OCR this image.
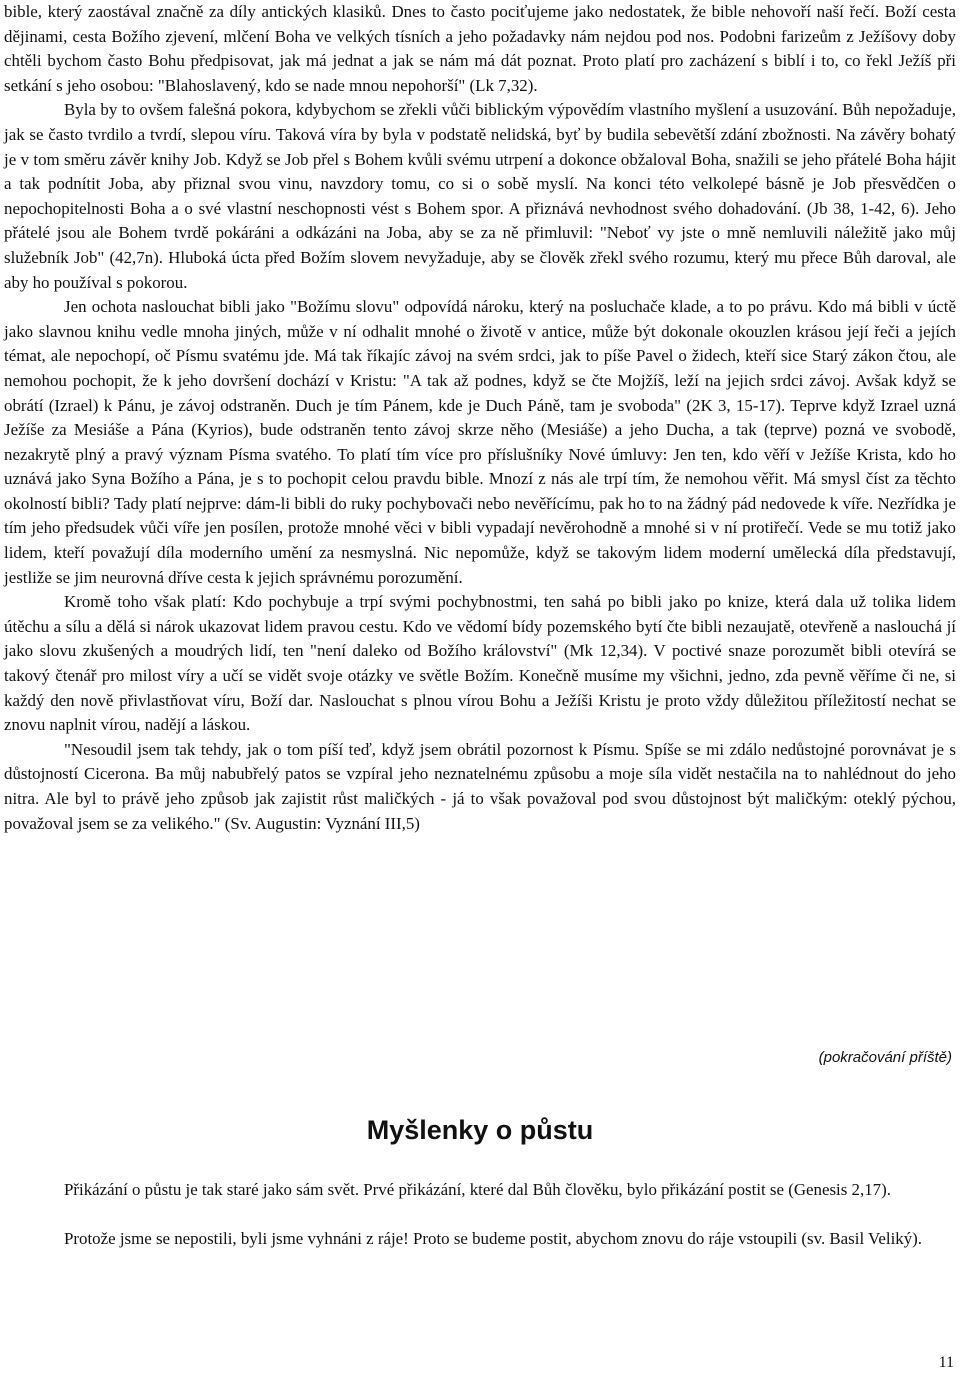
bible, který zaostával značně za díly antických klasiků. Dnes to často pociťujeme jako nedostatek, že bible nehovoří naší řečí. Boží cesta dějinami, cesta Božího zjevení, mlčení Boha ve velkých tísních a jeho požadavky nám nejdou pod nos. Podobni farizeům z Ježíšovy doby chtěli bychom často Bohu předpisovat, jak má jednat a jak se nám má dát poznat. Proto platí pro zacházení s biblí i to, co řekl Ježíš při setkání s jeho osobou: "Blahoslavený, kdo se nade mnou nepohorší" (Lk 7,32).

Byla by to ovšem falešná pokora, kdybychom se zřekli vůči biblickým výpovědím vlastního myšlení a usuzování. Bůh nepožaduje, jak se často tvrdilo a tvrdí, slepou víru. Taková víra by byla v podstatě nelidská, byť by budila sebevětší zdání zbožnosti. Na závěry bohatý je v tom směru závěr knihy Job. Když se Job přel s Bohem kvůli svému utrpení a dokonce obžaloval Boha, snažili se jeho přátelé Boha hájit a tak podnítit Joba, aby přiznal svou vinu, navzdory tomu, co si o sobě myslí. Na konci této velkolepé básně je Job přesvědčen o nepochopitelnosti Boha a o své vlastní neschopnosti vést s Bohem spor. A přiznává nevhodnost svého dohadování. (Jb 38, 1-42, 6). Jeho přátelé jsou ale Bohem tvrdě pokáráni a odkázáni na Joba, aby se za ně přimluvil: "Neboť vy jste o mně nemluvili náležitě jako můj služebník Job" (42,7n). Hluboká úcta před Božím slovem nevyžaduje, aby se člověk zřekl svého rozumu, který mu přece Bůh daroval, ale aby ho používal s pokorou.

Jen ochota naslouchat bibli jako "Božímu slovu" odpovídá nároku, který na posluchače klade, a to po právu. Kdo má bibli v úctě jako slavnou knihu vedle mnoha jiných, může v ní odhalit mnohé o životě v antice, může být dokonale okouzlen krásou její řeči a jejích témat, ale nepochopí, oč Písmu svatému jde. Má tak říkajíc závoj na svém srdci, jak to píše Pavel o židech, kteří sice Starý zákon čtou, ale nemohou pochopit, že k jeho dovršení dochází v Kristu: "A tak až podnes, když se čte Mojžíš, leží na jejich srdci závoj. Avšak když se obrátí (Izrael) k Pánu, je závoj odstraněn. Duch je tím Pánem, kde je Duch Páně, tam je svoboda" (2K 3, 15-17). Teprve když Izrael uzná Ježíše za Mesiáše a Pána (Kyrios), bude odstraněn tento závoj skrze něho (Mesiáše) a jeho Ducha, a tak (teprve) pozná ve svobodě, nezakrytě plný a pravý význam Písma svatého. To platí tím více pro příslušníky Nové úmluvy: Jen ten, kdo věří v Ježíše Krista, kdo ho uznává jako Syna Božího a Pána, je s to pochopit celou pravdu bible. Mnozí z nás ale trpí tím, že nemohou věřit. Má smysl číst za těchto okolností bibli? Tady platí nejprve: dám-li bibli do ruky pochybovači nebo nevěřícímu, pak ho to na žádný pád nedovede k víře. Nezřídka je tím jeho předsudek vůči víře jen posílen, protože mnohé věci v bibli vypadají nevěrohodně a mnohé si v ní protiřečí. Vede se mu totiž jako lidem, kteří považují díla moderního umění za nesmyslná. Nic nepomůže, když se takovým lidem moderní umělecká díla představují, jestliže se jim neurovná dříve cesta k jejich správnému porozumění.

Kromě toho však platí: Kdo pochybuje a trpí svými pochybnostmi, ten sahá po bibli jako po knize, která dala už tolika lidem útěchu a sílu a dělá si nárok ukazovat lidem pravou cestu. Kdo ve vědomí bídy pozemského bytí čte bibli nezaujatě, otevřeně a naslouchá jí jako slovu zkušených a moudrých lidí, ten "není daleko od Božího království" (Mk 12,34). V poctivé snaze porozumět bibli otevírá se takový čtenář pro milost víry a učí se vidět svoje otázky ve světle Božím. Konečně musíme my všichni, jedno, zda pevně věříme či ne, si každý den nově přivlastňovat víru, Boží dar. Naslouchat s plnou vírou Bohu a Ježíši Kristu je proto vždy důležitou příležitostí nechat se znovu naplnit vírou, nadějí a láskou.

"Nesoudil jsem tak tehdy, jak o tom píší teď, když jsem obrátil pozornost k Písmu. Spíše se mi zdálo nedůstojné porovnávat je s důstojností Cicerona. Ba můj nabubřelý patos se vzpíral jeho neznatelnému způsobu a moje síla vidět nestačila na to nahlédnout do jeho nitra. Ale byl to právě jeho způsob jak zajistit růst maličkých - já to však považoval pod svou důstojnost být maličkým: oteklý pýchou, považoval jsem se za velikého." (Sv. Augustin: Vyznání III,5)

(pokračování příště)
Myšlenky o půstu

Přikázání o půstu je tak staré jako sám svět. Prvé přikázání, které dal Bůh člověku, bylo přikázání postit se (Genesis 2,17).

Protože jsme se nepostili, byli jsme vyhnáni z ráje! Proto se budeme postit, abychom znovu do ráje vstoupili (sv. Basil Veliký).

11
